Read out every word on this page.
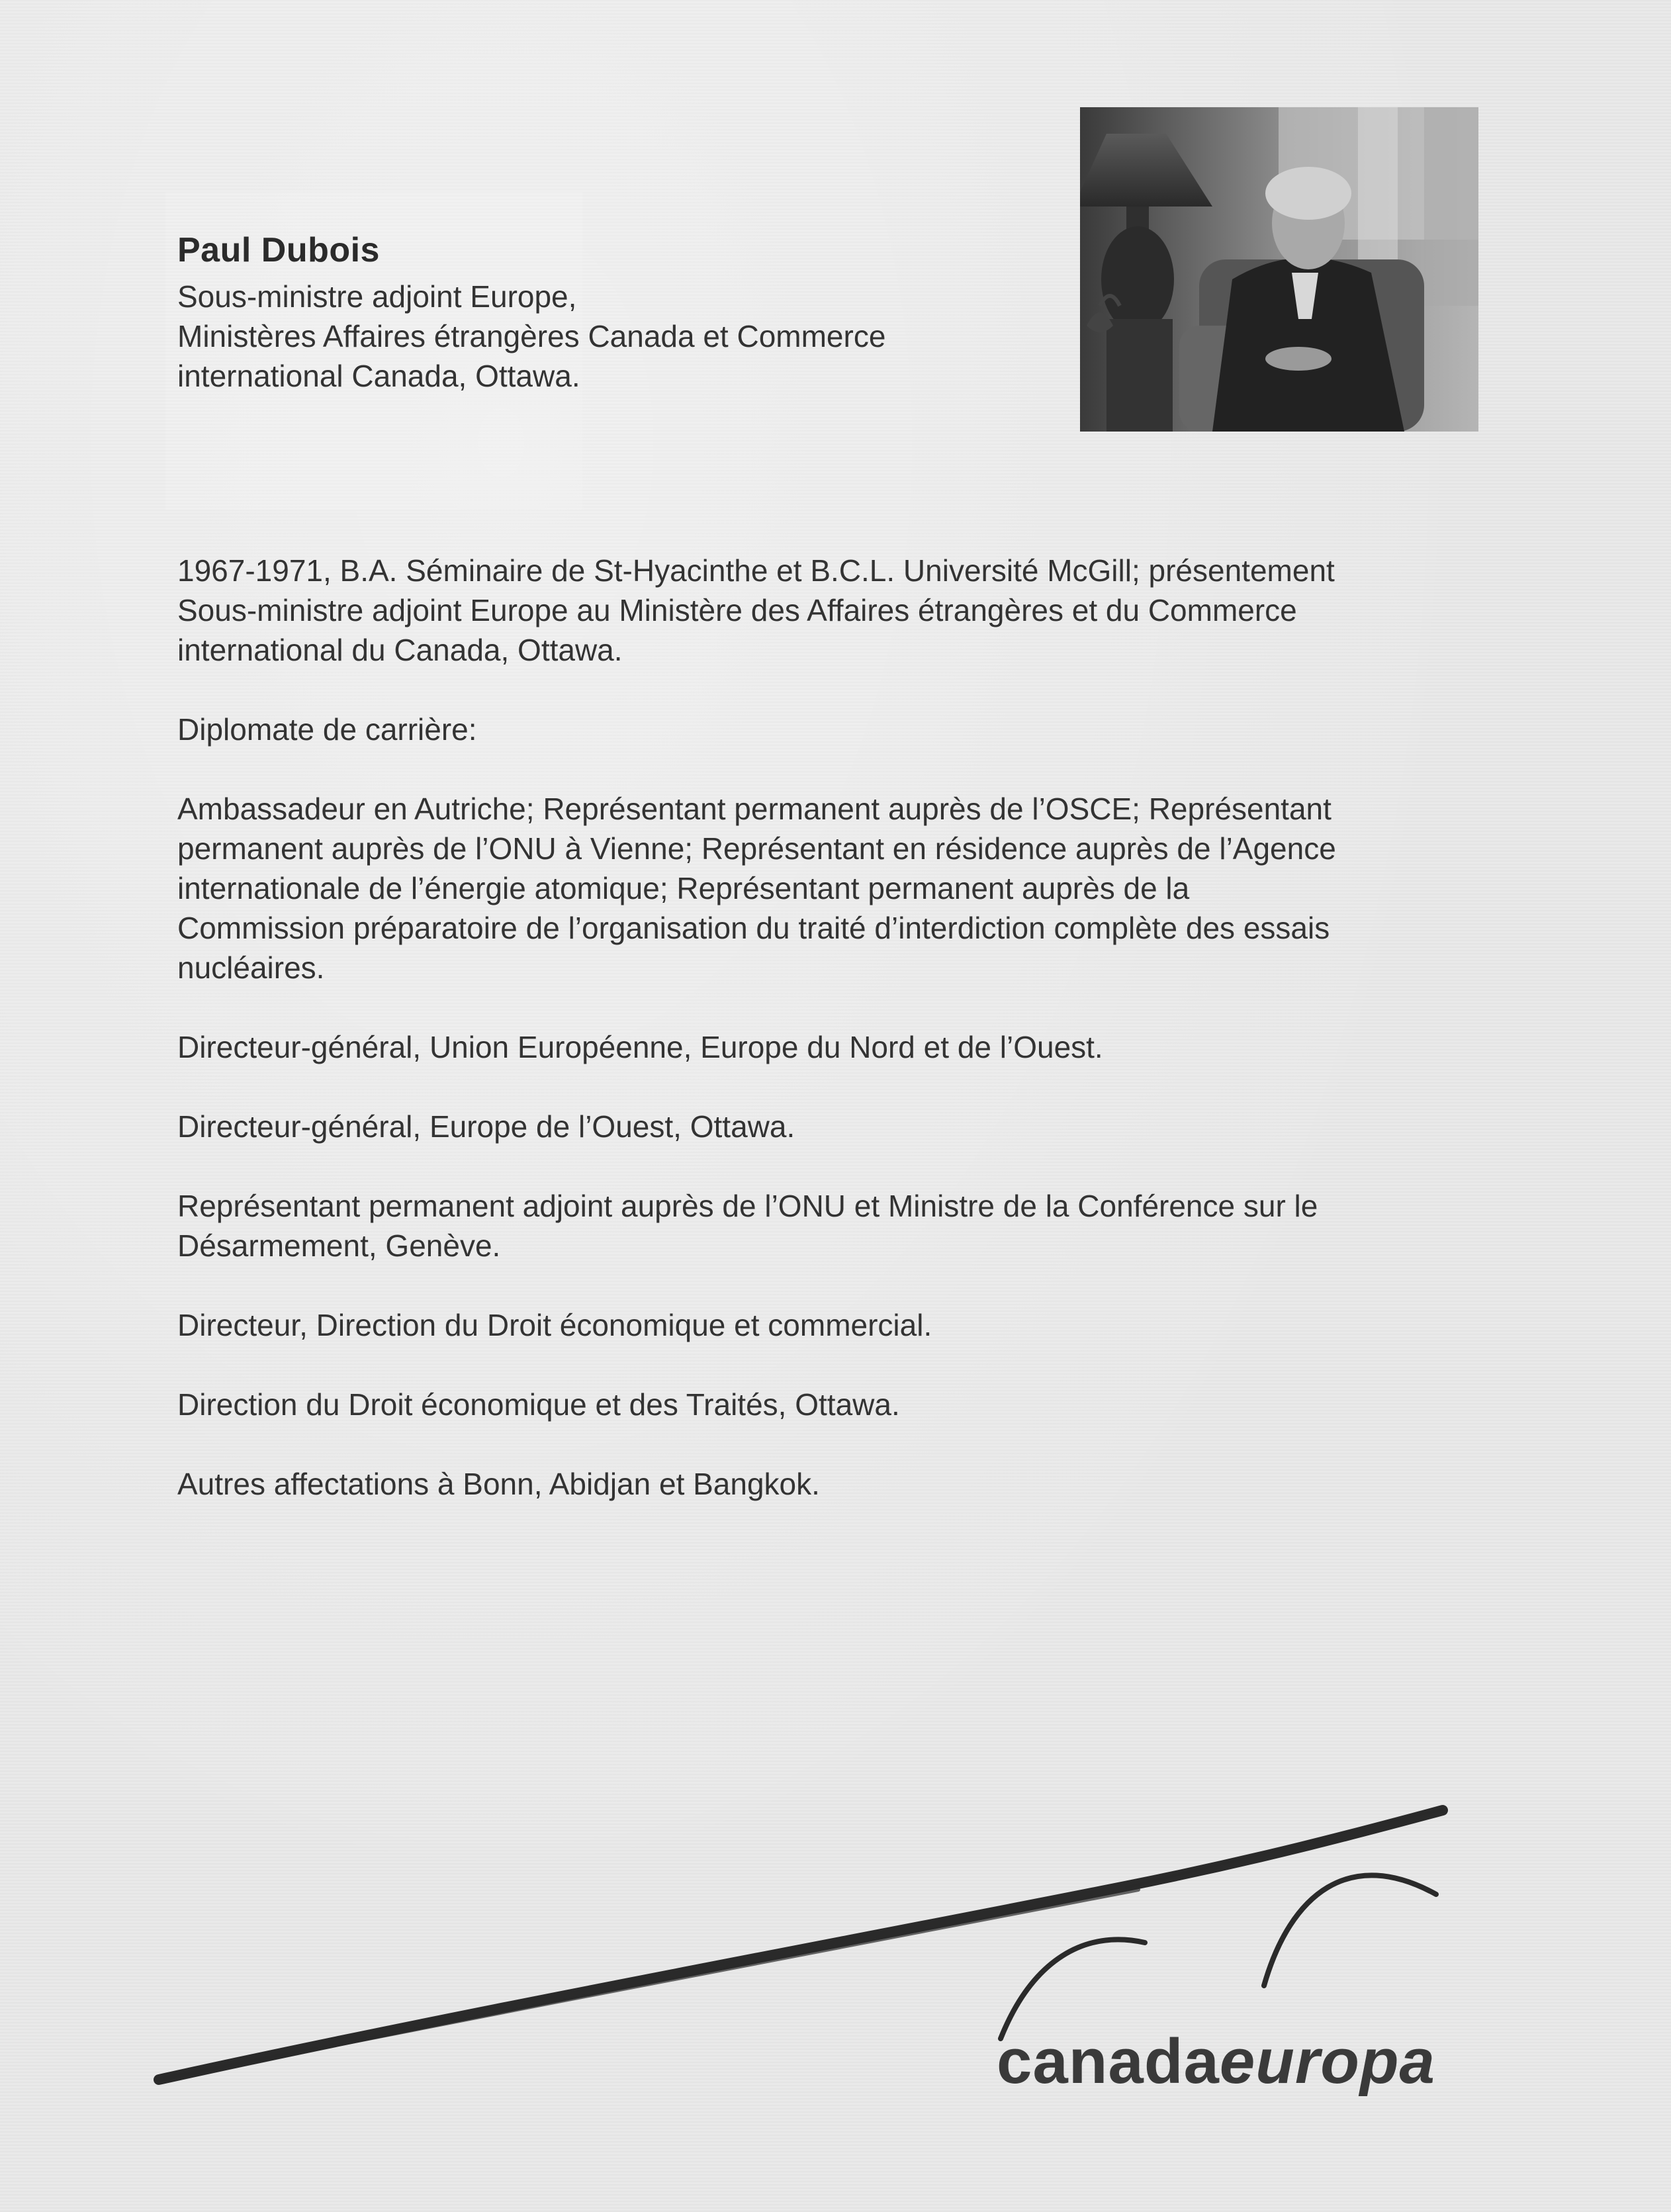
Paul Dubois
Sous-ministre adjoint Europe,
Ministères Affaires étrangères Canada et Commerce
international Canada, Ottawa.
1967-1971, B.A. Séminaire de St-Hyacinthe et B.C.L. Université McGill; présentement
Sous-ministre adjoint Europe au Ministère des Affaires étrangères et du Commerce
international du Canada, Ottawa.
Diplomate de carrière:
Ambassadeur en Autriche; Représentant permanent auprès de l’OSCE; Représentant
permanent auprès de l’ONU à Vienne; Représentant en résidence auprès de l’Agence
internationale de l’énergie atomique; Représentant permanent auprès de la
Commission préparatoire de l’organisation du traité d’interdiction complète des essais
nucléaires.
Directeur-général, Union Européenne, Europe du Nord et de l’Ouest.
Directeur-général, Europe de l’Ouest, Ottawa.
Représentant permanent adjoint auprès de l’ONU et Ministre de la Conférence sur le
Désarmement, Genève.
Directeur, Direction du Droit économique et commercial.
Direction du Droit économique et des Traités, Ottawa.
Autres affectations à Bonn, Abidjan et Bangkok.
canadaeuropa
